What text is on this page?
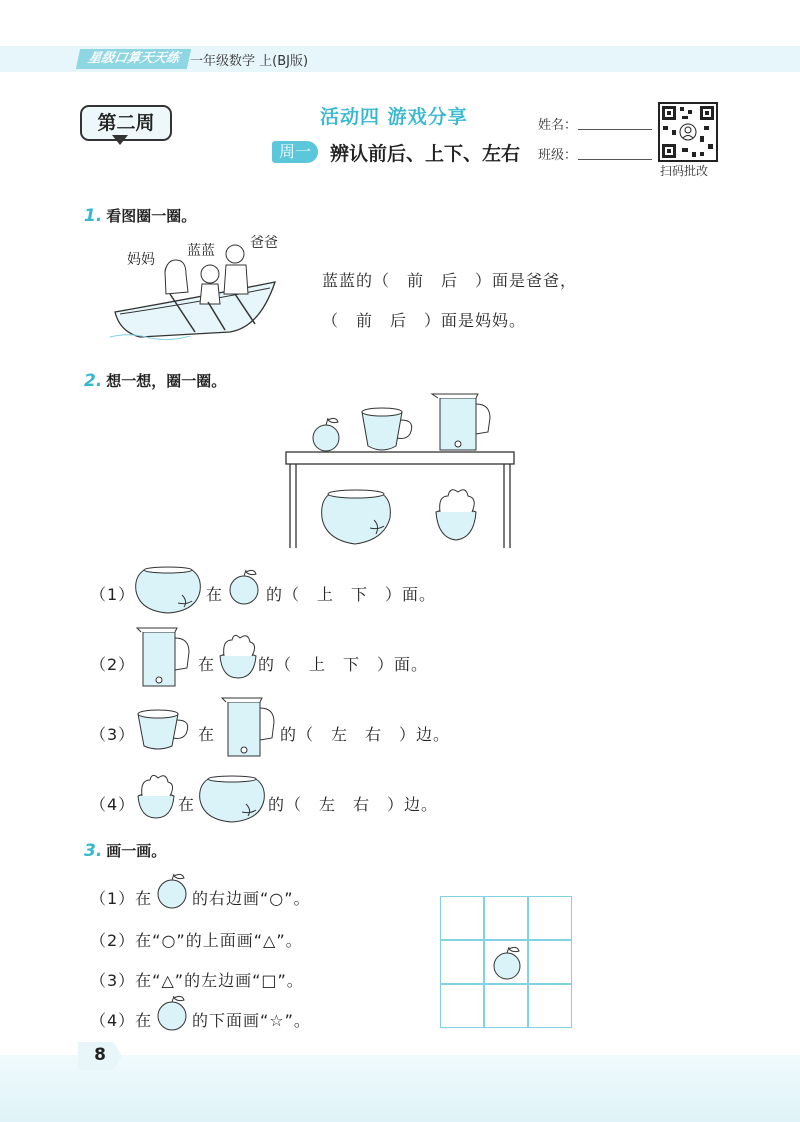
星级口算天天练 一年级数学 上(BJ版)
第二周	活动四 游戏分享
周一	辨认前后、上下、左右
姓名：
班级：
扫码批改
1. 看图圈一圈。
妈妈
蓝蓝	爸爸
蓝蓝的（　前　后　）面是爸爸，
（　前　后　）面是妈妈。
2. 想一想，圈一圈。
（1）	在	的（　上　下　）面。
（2）	在	的（　上　下　）面。
（3）	在	的（　左　右　）边。
（4）	在	的（　左　右　）边。
3. 画一画。
（1）在 的右边画“○”。
（2）在“○”的上面画“△”。
（3）在“△”的左边画“□”。
（4）在 的下面画“☆”。
8
